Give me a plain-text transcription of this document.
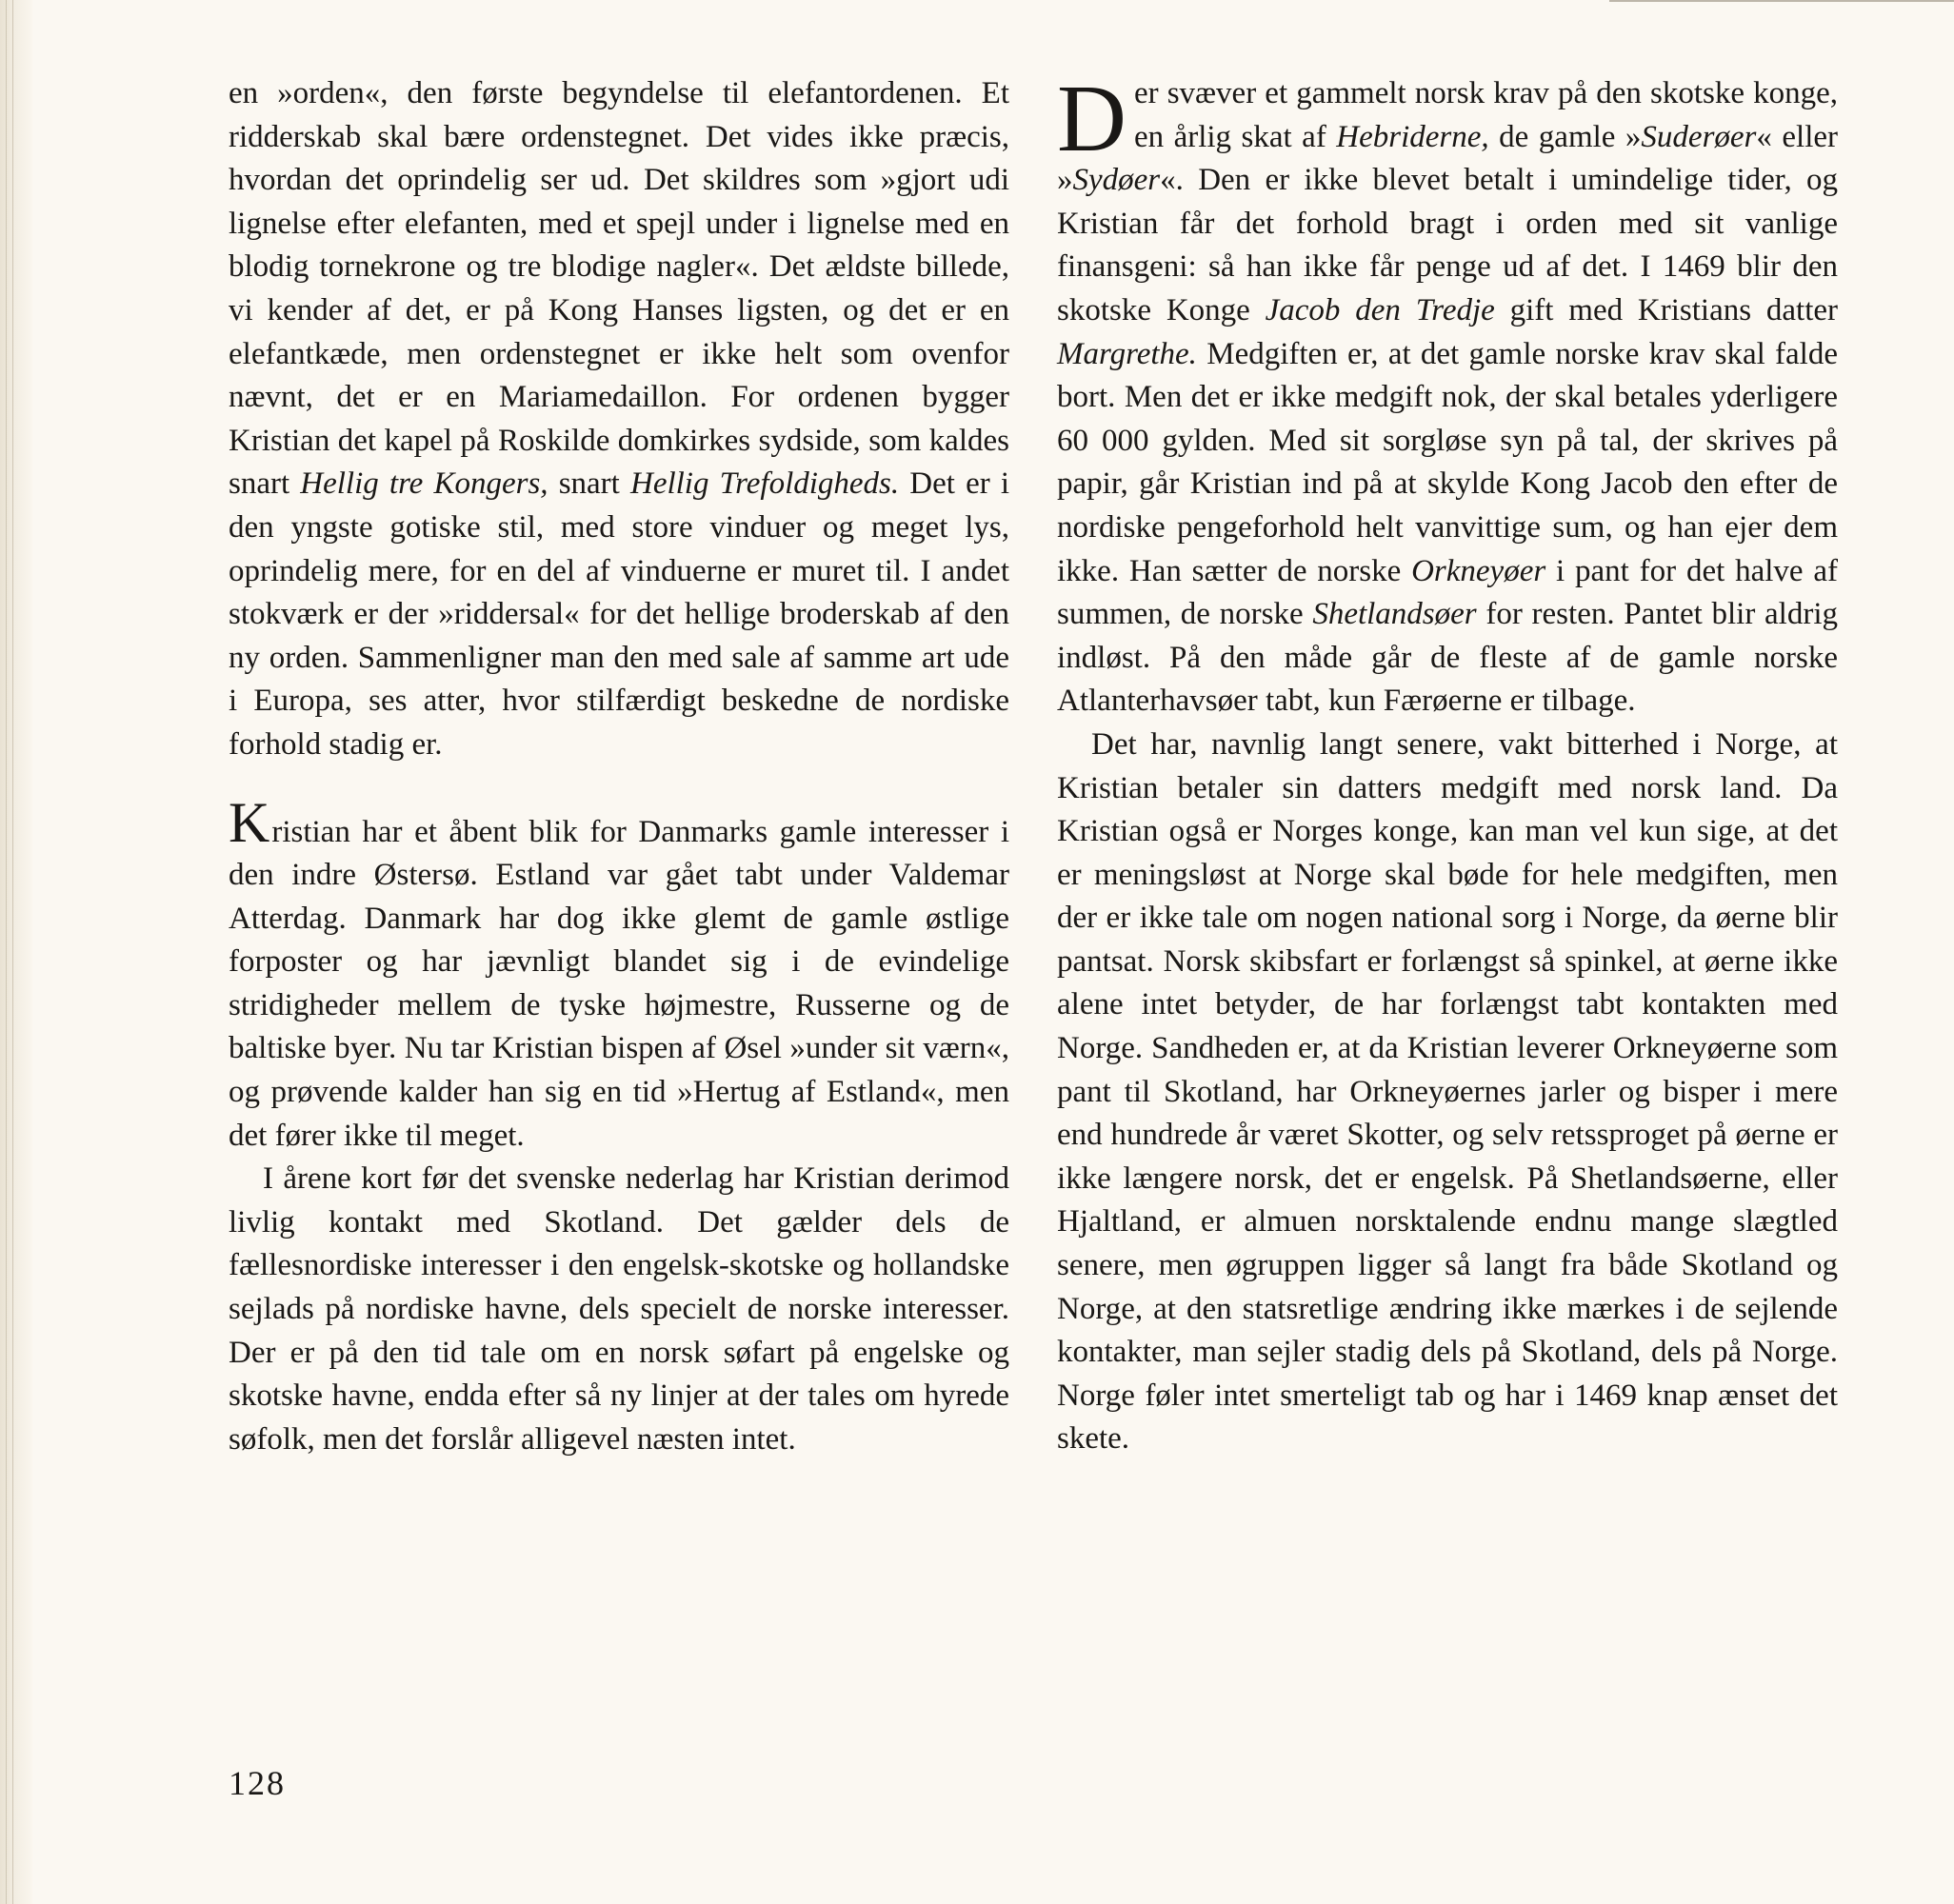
en »orden«, den første begyndelse til elefantordenen. Et ridderskab skal bære ordenstegnet. Det vides ikke præcis, hvordan det oprindelig ser ud. Det skildres som »gjort udi lignelse efter elefanten, med et spejl under i lignelse med en blodig tornekrone og tre blodige nagler«. Det ældste billede, vi kender af det, er på Kong Hanses ligsten, og det er en elefantkæde, men ordenstegnet er ikke helt som ovenfor nævnt, det er en Mariamedaillon. For ordenen bygger Kristian det kapel på Roskilde domkirkes sydside, som kaldes snart Hellig tre Kongers, snart Hellig Trefoldigheds. Det er i den yngste gotiske stil, med store vinduer og meget lys, oprindelig mere, for en del af vinduerne er muret til. I andet stokværk er der »riddersal« for det hellige broderskab af den ny orden. Sammenligner man den med sale af samme art ude i Europa, ses atter, hvor stilfærdigt beskedne de nordiske forhold stadig er.

Kristian har et åbent blik for Danmarks gamle interesser i den indre Østersø. Estland var gået tabt under Valdemar Atterdag. Danmark har dog ikke glemt de gamle østlige forposter og har jævnligt blandet sig i de evindelige stridigheder mellem de tyske højmestre, Russerne og de baltiske byer. Nu tar Kristian bispen af Øsel »under sit værn«, og prøvende kalder han sig en tid »Hertug af Estland«, men det fører ikke til meget.

I årene kort før det svenske nederlag har Kristian derimod livlig kontakt med Skotland. Det gælder dels de fællesnordiske interesser i den engelsk-skotske og hollandske sejlads på nordiske havne, dels specielt de norske interesser. Der er på den tid tale om en norsk søfart på engelske og skotske havne, endda efter så ny linjer at der tales om hyrede søfolk, men det forslår alligevel næsten intet.

Der svæver et gammelt norsk krav på den skotske konge, en årlig skat af Hebriderne, de gamle »Suderøer« eller »Sydøer«. Den er ikke blevet betalt i umindelige tider, og Kristian får det forhold bragt i orden med sit vanlige finansgeni: så han ikke får penge ud af det. I 1469 blir den skotske Konge Jacob den Tredje gift med Kristians datter Margrethe. Medgiften er, at det gamle norske krav skal falde bort. Men det er ikke medgift nok, der skal betales yderligere 60 000 gylden. Med sit sorgløse syn på tal, der skrives på papir, går Kristian ind på at skylde Kong Jacob den efter de nordiske pengeforhold helt vanvittige sum, og han ejer dem ikke. Han sætter de norske Orkneyøer i pant for det halve af summen, de norske Shetlandsøer for resten. Pantet blir aldrig indløst. På den måde går de fleste af de gamle norske Atlanterhavsøer tabt, kun Færøerne er tilbage.

Det har, navnlig langt senere, vakt bitterhed i Norge, at Kristian betaler sin datters medgift med norsk land. Da Kristian også er Norges konge, kan man vel kun sige, at det er meningsløst at Norge skal bøde for hele medgiften, men der er ikke tale om nogen national sorg i Norge, da øerne blir pantsat. Norsk skibsfart er forlængst så spinkel, at øerne ikke alene intet betyder, de har forlængst tabt kontakten med Norge. Sandheden er, at da Kristian leverer Orkneyøerne som pant til Skotland, har Orkneyøernes jarler og bisper i mere end hundrede år været Skotter, og selv retssproget på øerne er ikke længere norsk, det er engelsk. På Shetlandsøerne, eller Hjaltland, er almuen norsktalende endnu mange slægtled senere, men øgruppen ligger så langt fra både Skotland og Norge, at den statsretlige ændring ikke mærkes i de sejlende kontakter, man sejler stadig dels på Skotland, dels på Norge. Norge føler intet smerteligt tab og har i 1469 knap ænset det skete.

128
